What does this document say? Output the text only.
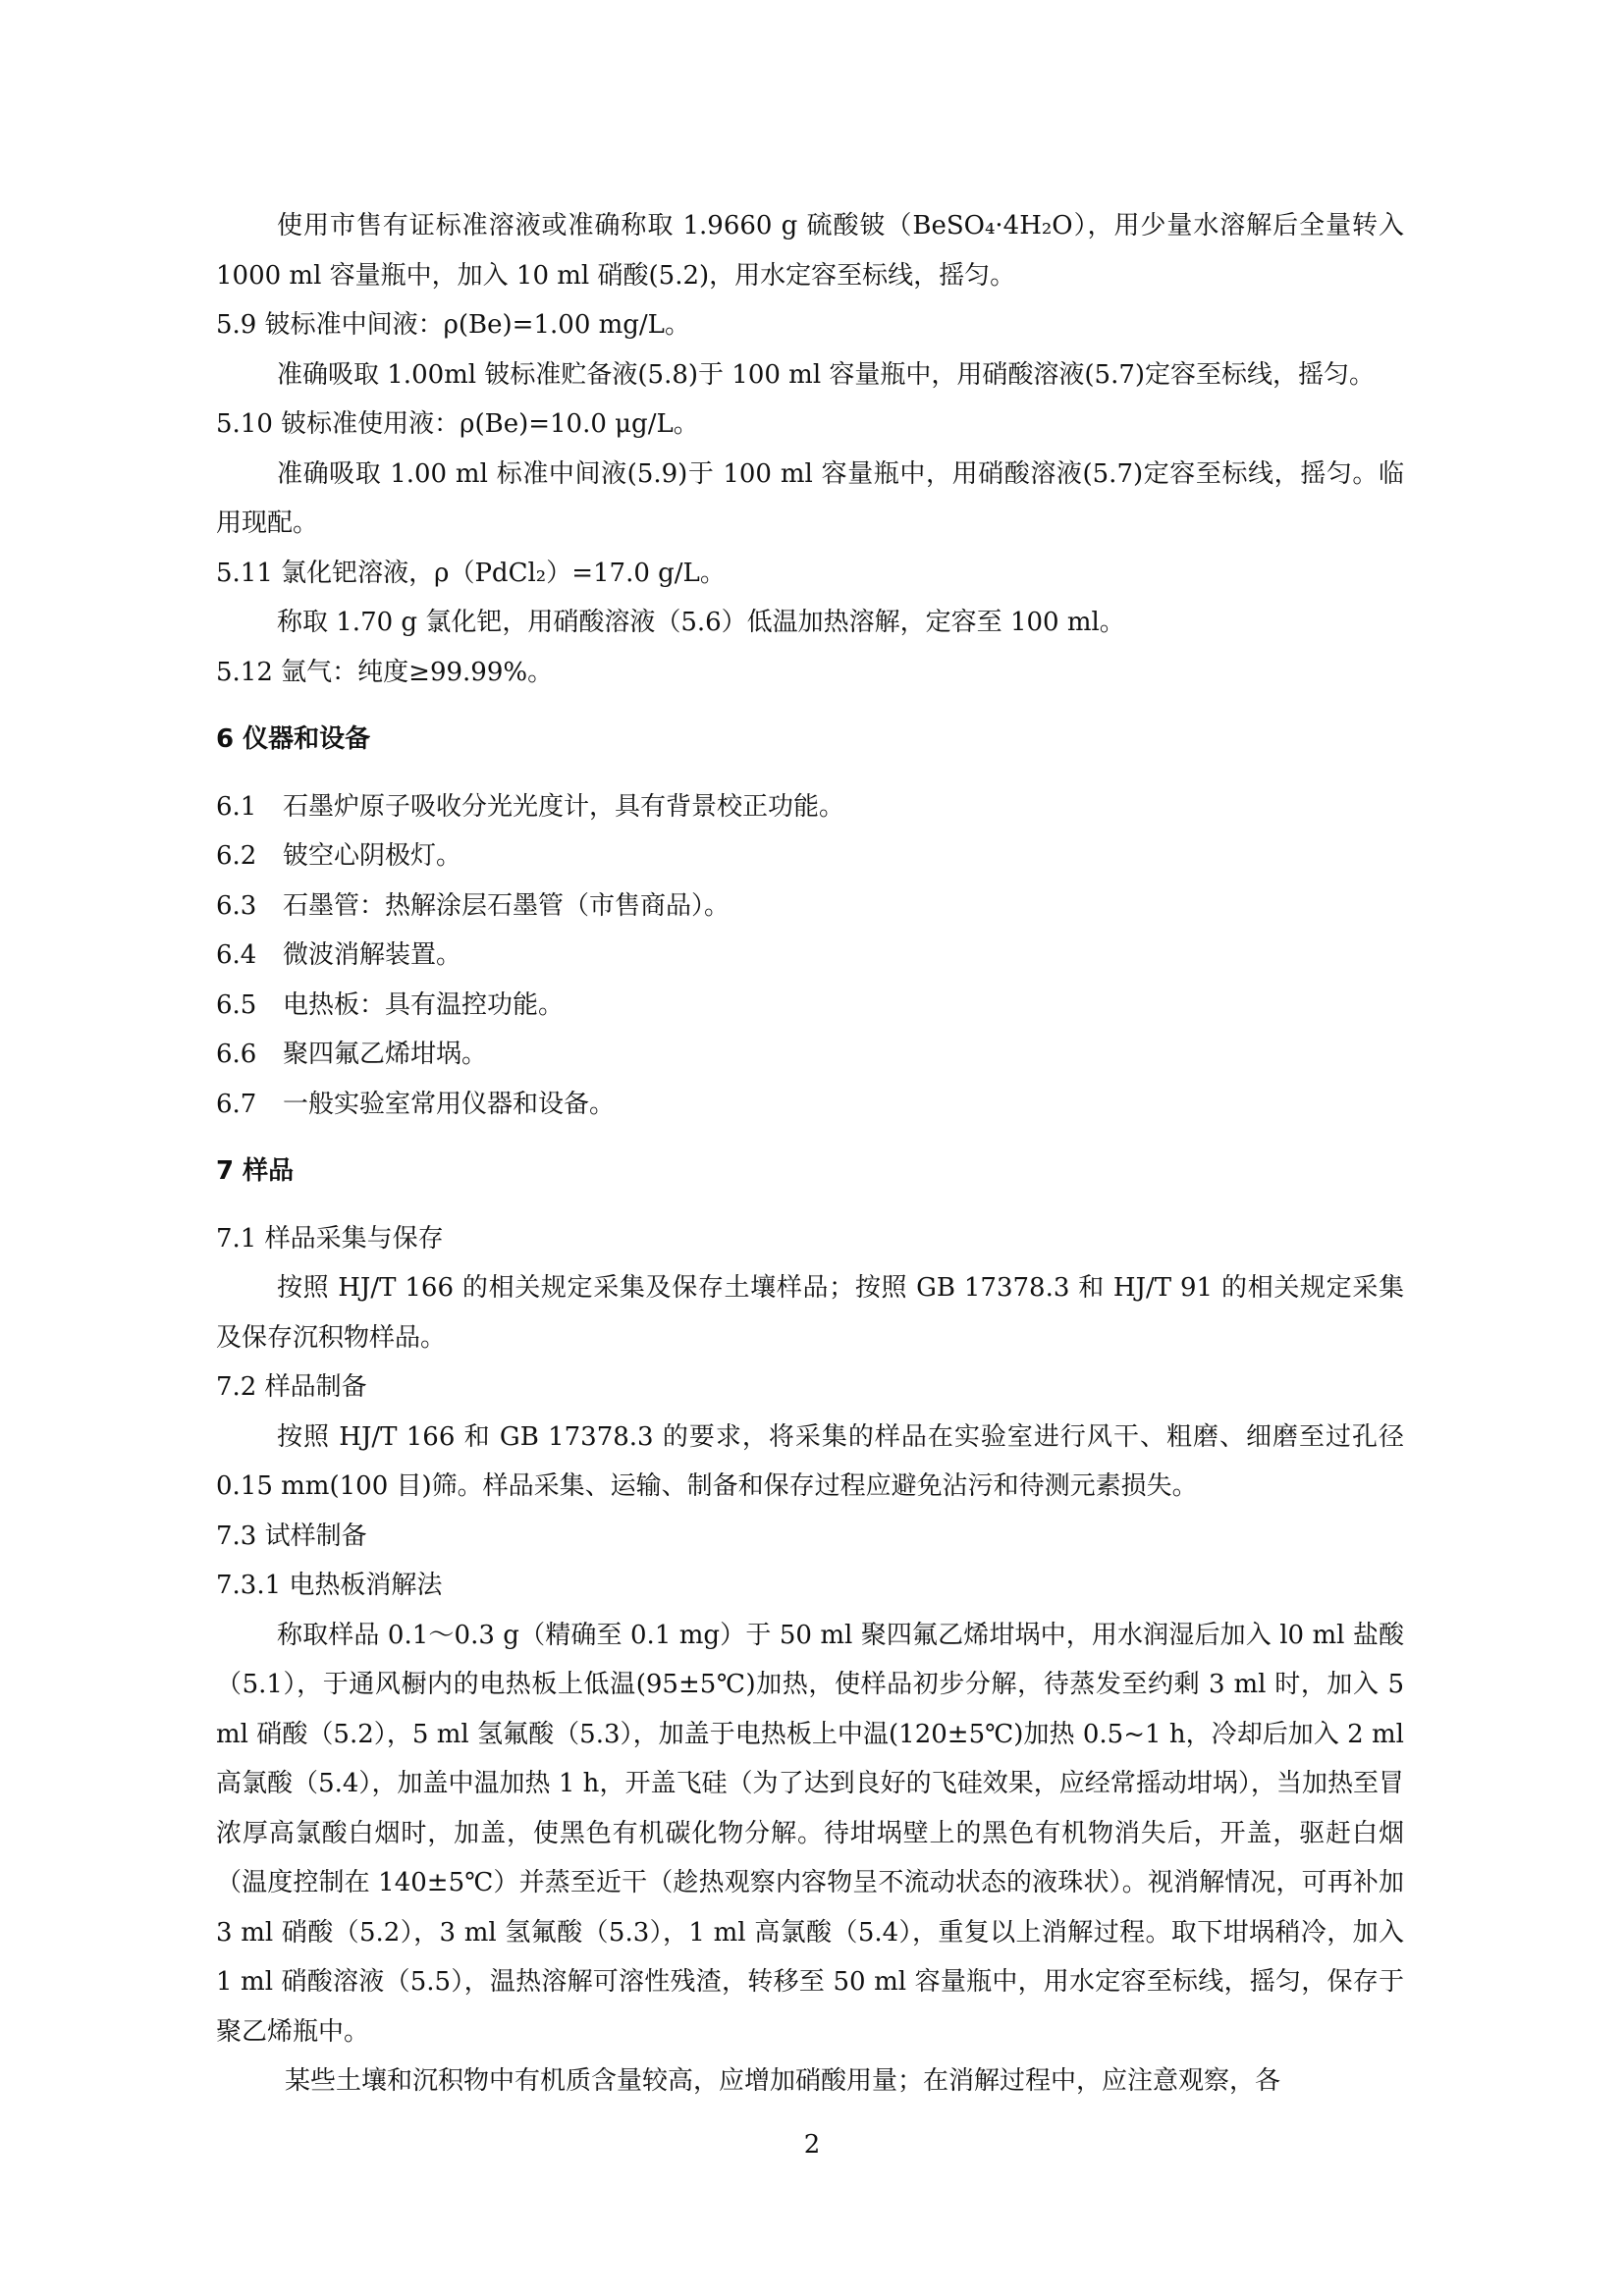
使用市售有证标准溶液或准确称取 1.9660 g 硫酸铍（BeSO₄·4H₂O），用少量水溶解后全量转入 1000 ml 容量瓶中，加入 10 ml 硝酸(5.2)，用水定容至标线，摇匀。

5.9 铍标准中间液：ρ(Be)=1.00 mg/L。

准确吸取 1.00ml 铍标准贮备液(5.8)于 100 ml 容量瓶中，用硝酸溶液(5.7)定容至标线，摇匀。

5.10 铍标准使用液：ρ(Be)=10.0 μg/L。

准确吸取 1.00 ml 标准中间液(5.9)于 100 ml 容量瓶中，用硝酸溶液(5.7)定容至标线，摇匀。临用现配。

5.11 氯化钯溶液，ρ（PdCl₂）=17.0 g/L。

称取 1.70 g 氯化钯，用硝酸溶液（5.6）低温加热溶解，定容至 100 ml。

5.12 氩气：纯度≥99.99%。
6 仪器和设备
6.1 石墨炉原子吸收分光光度计，具有背景校正功能。
6.2 铍空心阴极灯。
6.3 石墨管：热解涂层石墨管（市售商品）。
6.4 微波消解装置。
6.5 电热板：具有温控功能。
6.6 聚四氟乙烯坩埚。
6.7 一般实验室常用仪器和设备。
7 样品
7.1 样品采集与保存

按照 HJ/T 166 的相关规定采集及保存土壤样品；按照 GB 17378.3 和 HJ/T 91 的相关规定采集及保存沉积物样品。

7.2 样品制备

按照 HJ/T 166 和 GB 17378.3 的要求，将采集的样品在实验室进行风干、粗磨、细磨至过孔径 0.15 mm(100 目)筛。样品采集、运输、制备和保存过程应避免沾污和待测元素损失。

7.3 试样制备
7.3.1 电热板消解法

称取样品 0.1～0.3 g（精确至 0.1 mg）于 50 ml 聚四氟乙烯坩埚中，用水润湿后加入 l0 ml 盐酸（5.1），于通风橱内的电热板上低温(95±5℃)加热，使样品初步分解，待蒸发至约剩 3 ml 时，加入 5 ml 硝酸（5.2），5 ml 氢氟酸（5.3），加盖于电热板上中温(120±5℃)加热 0.5~1 h，冷却后加入 2 ml 高氯酸（5.4），加盖中温加热 1 h，开盖飞硅（为了达到良好的飞硅效果，应经常摇动坩埚），当加热至冒浓厚高氯酸白烟时，加盖，使黑色有机碳化物分解。待坩埚壁上的黑色有机物消失后，开盖，驱赶白烟（温度控制在 140±5℃）并蒸至近干（趁热观察内容物呈不流动状态的液珠状）。视消解情况，可再补加 3 ml 硝酸（5.2），3 ml 氢氟酸（5.3），1 ml 高氯酸（5.4），重复以上消解过程。取下坩埚稍冷，加入 1 ml 硝酸溶液（5.5），温热溶解可溶性残渣，转移至 50 ml 容量瓶中，用水定容至标线，摇匀，保存于聚乙烯瓶中。

某些土壤和沉积物中有机质含量较高，应增加硝酸用量；在消解过程中，应注意观察，各

2
